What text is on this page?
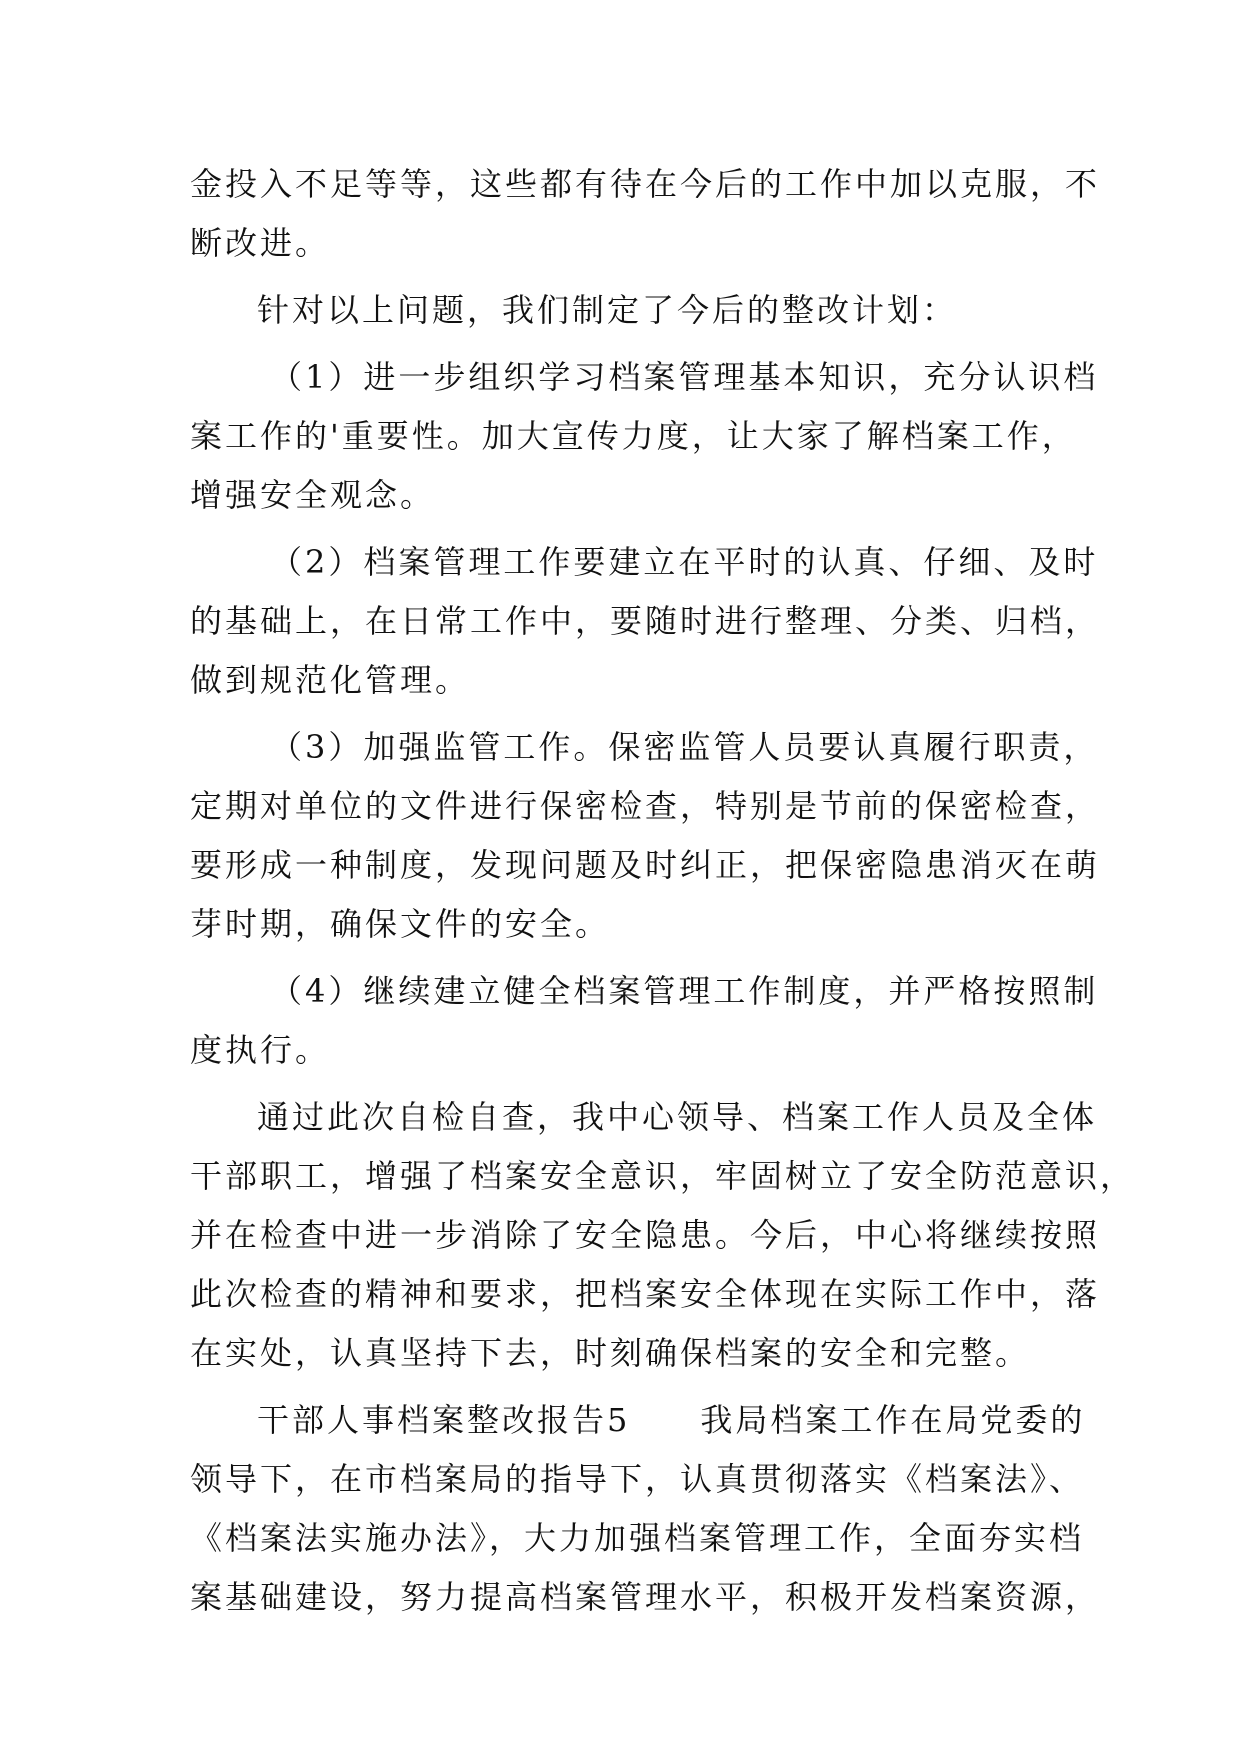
金投入不足等等，这些都有待在今后的工作中加以克服，不
断改进。
针对以上问题，我们制定了今后的整改计划：
（1）进一步组织学习档案管理基本知识，充分认识档
案工作的'重要性。加大宣传力度，让大家了解档案工作，
增强安全观念。
（2）档案管理工作要建立在平时的认真、仔细、及时
的基础上，在日常工作中，要随时进行整理、分类、归档，
做到规范化管理。
（3）加强监管工作。保密监管人员要认真履行职责，
定期对单位的文件进行保密检查，特别是节前的保密检查，
要形成一种制度，发现问题及时纠正，把保密隐患消灭在萌
芽时期，确保文件的安全。
（4）继续建立健全档案管理工作制度，并严格按照制
度执行。
通过此次自检自查，我中心领导、档案工作人员及全体
干部职工，增强了档案安全意识，牢固树立了安全防范意识，
并在检查中进一步消除了安全隐患。今后，中心将继续按照
此次检查的精神和要求，把档案安全体现在实际工作中，落
在实处，认真坚持下去，时刻确保档案的安全和完整。
干部人事档案整改报告5　　我局档案工作在局党委的
领导下，在市档案局的指导下，认真贯彻落实《档案法》、
《档案法实施办法》，大力加强档案管理工作，全面夯实档
案基础建设，努力提高档案管理水平，积极开发档案资源，
